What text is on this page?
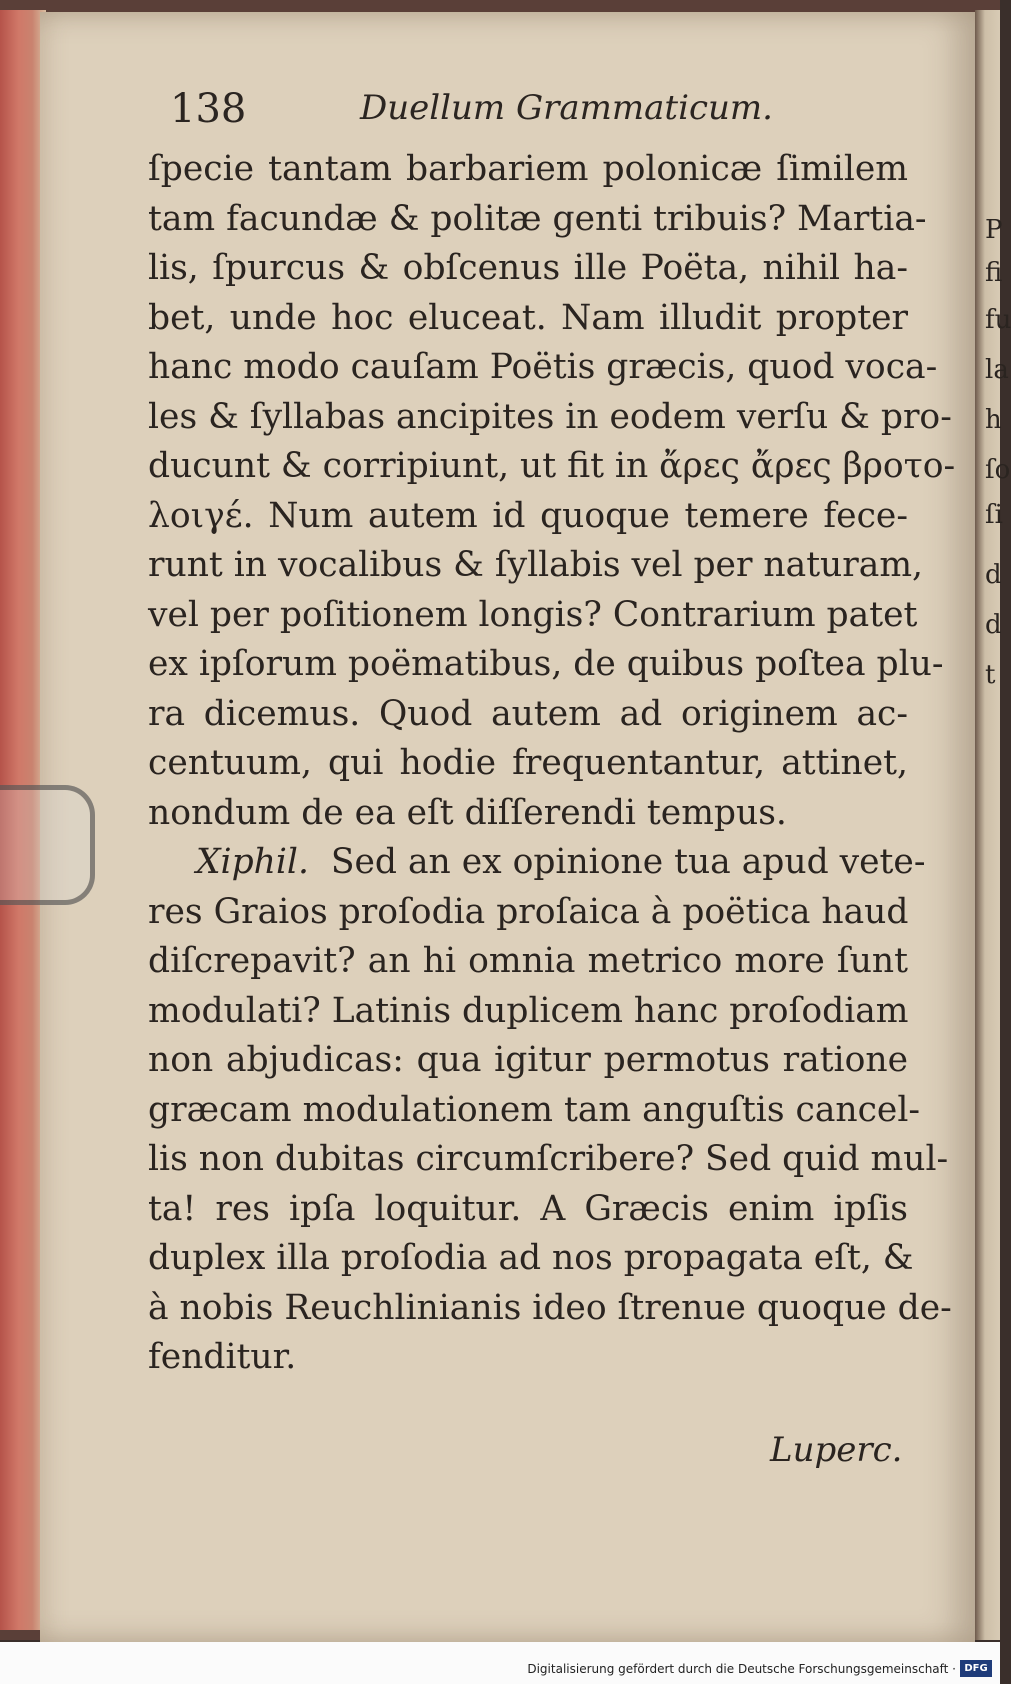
P
fi
fu
la
h
ſo
ſi
d
d
t
138	Duellum Grammaticum.
ſpecie tantam barbariem polonicæ ſimilem
tam facundæ & politæ genti tribuis? Martia-
lis, ſpurcus & obſcenus ille Poëta, nihil ha-
bet, unde hoc eluceat. Nam illudit propter
hanc modo cauſam Poëtis græcis, quod voca-
les & ſyllabas ancipites in eodem verſu & pro-
ducunt & corripiunt, ut fit in ἄρες ἄρες βροτο-
λοιγέ. Num autem id quoque temere fece-
runt in vocalibus & ſyllabis vel per naturam,
vel per poſitionem longis? Contrarium patet
ex ipſorum poëmatibus, de quibus poſtea plu-
ra dicemus. Quod autem ad originem ac-
centuum, qui hodie frequentantur, attinet,
nondum de ea eſt diſſerendi tempus.
Xiphil. Sed an ex opinione tua apud vete-
res Graios proſodia proſaica à poëtica haud
diſcrepavit? an hi omnia metrico more ſunt
modulati? Latinis duplicem hanc proſodiam
non abjudicas: qua igitur permotus ratione
græcam modulationem tam anguſtis cancel-
lis non dubitas circumſcribere? Sed quid mul-
ta! res ipſa loquitur. A Græcis enim ipſis
duplex illa proſodia ad nos propagata eſt, &
à nobis Reuchlinianis ideo ſtrenue quoque de-
fenditur.
Luperc.
Digitalisierung gefördert durch die Deutsche Forschungsgemeinschaft · DFG
